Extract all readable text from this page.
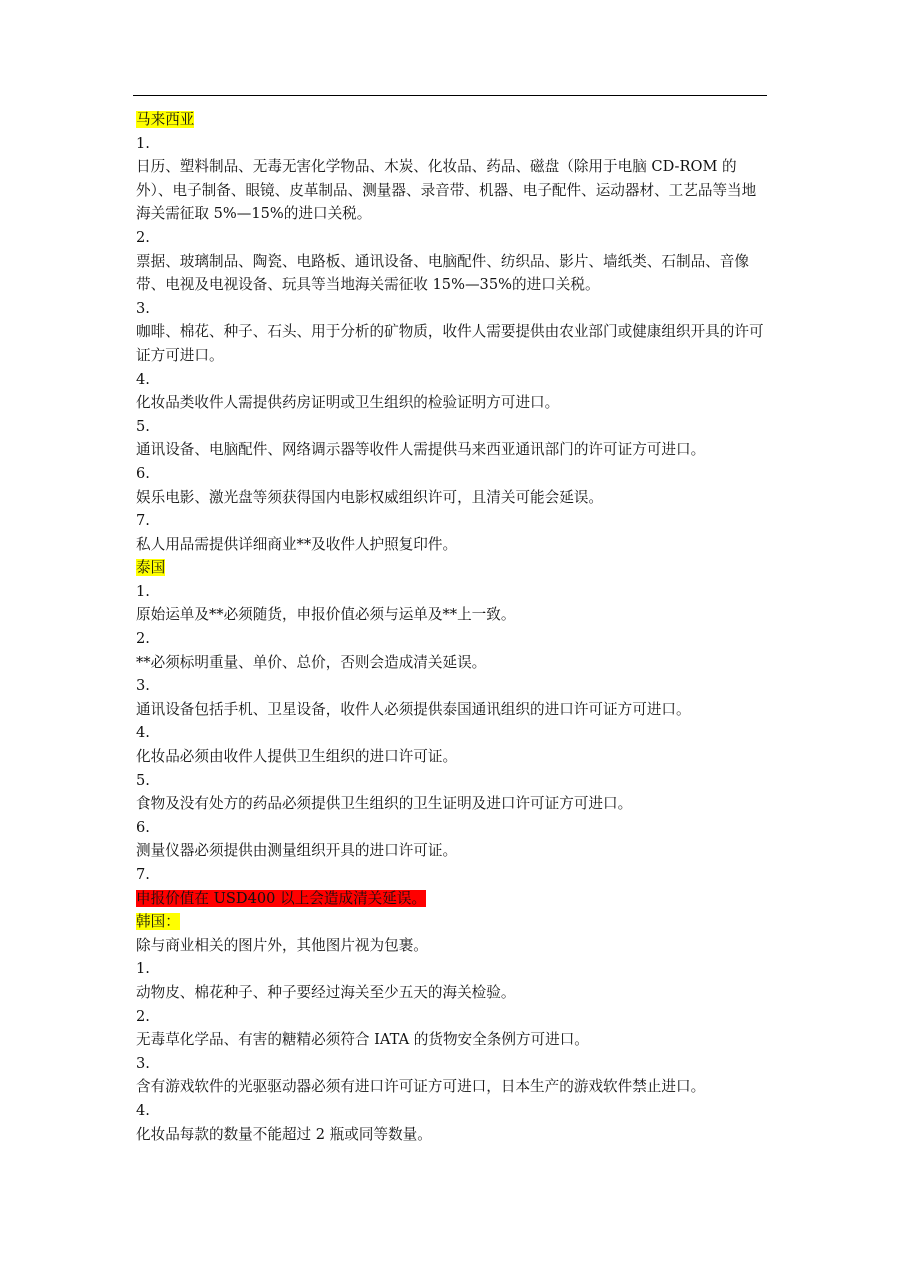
马来西亚
1.
日历、塑料制品、无毒无害化学物品、木炭、化妆品、药品、磁盘（除用于电脑 CD-ROM 的外）、电子制备、眼镜、皮革制品、测量器、录音带、机器、电子配件、运动器材、工艺品等当地海关需征取 5%—15%的进口关税。
2.
票据、玻璃制品、陶瓷、电路板、通讯设备、电脑配件、纺织品、影片、墙纸类、石制品、音像带、电视及电视设备、玩具等当地海关需征收 15%—35%的进口关税。
3.
咖啡、棉花、种子、石头、用于分析的矿物质，收件人需要提供由农业部门或健康组织开具的许可证方可进口。
4.
化妆品类收件人需提供药房证明或卫生组织的检验证明方可进口。
5.
通讯设备、电脑配件、网络调示器等收件人需提供马来西亚通讯部门的许可证方可进口。
6.
娱乐电影、激光盘等须获得国内电影权威组织许可，且清关可能会延误。
7.
私人用品需提供详细商业**及收件人护照复印件。
泰国
1.
原始运单及**必须随货，申报价值必须与运单及**上一致。
2.
**必须标明重量、单价、总价，否则会造成清关延误。
3.
通讯设备包括手机、卫星设备，收件人必须提供泰国通讯组织的进口许可证方可进口。
4.
化妆品必须由收件人提供卫生组织的进口许可证。
5.
食物及没有处方的药品必须提供卫生组织的卫生证明及进口许可证方可进口。
6.
测量仪器必须提供由测量组织开具的进口许可证。
7.
申报价值在 USD400 以上会造成清关延误。
韩国：
除与商业相关的图片外，其他图片视为包裹。
1.
动物皮、棉花种子、种子要经过海关至少五天的海关检验。
2.
无毒草化学品、有害的糖精必须符合 IATA 的货物安全条例方可进口。
3.
含有游戏软件的光驱驱动器必须有进口许可证方可进口，日本生产的游戏软件禁止进口。
4.
化妆品每款的数量不能超过 2 瓶或同等数量。
